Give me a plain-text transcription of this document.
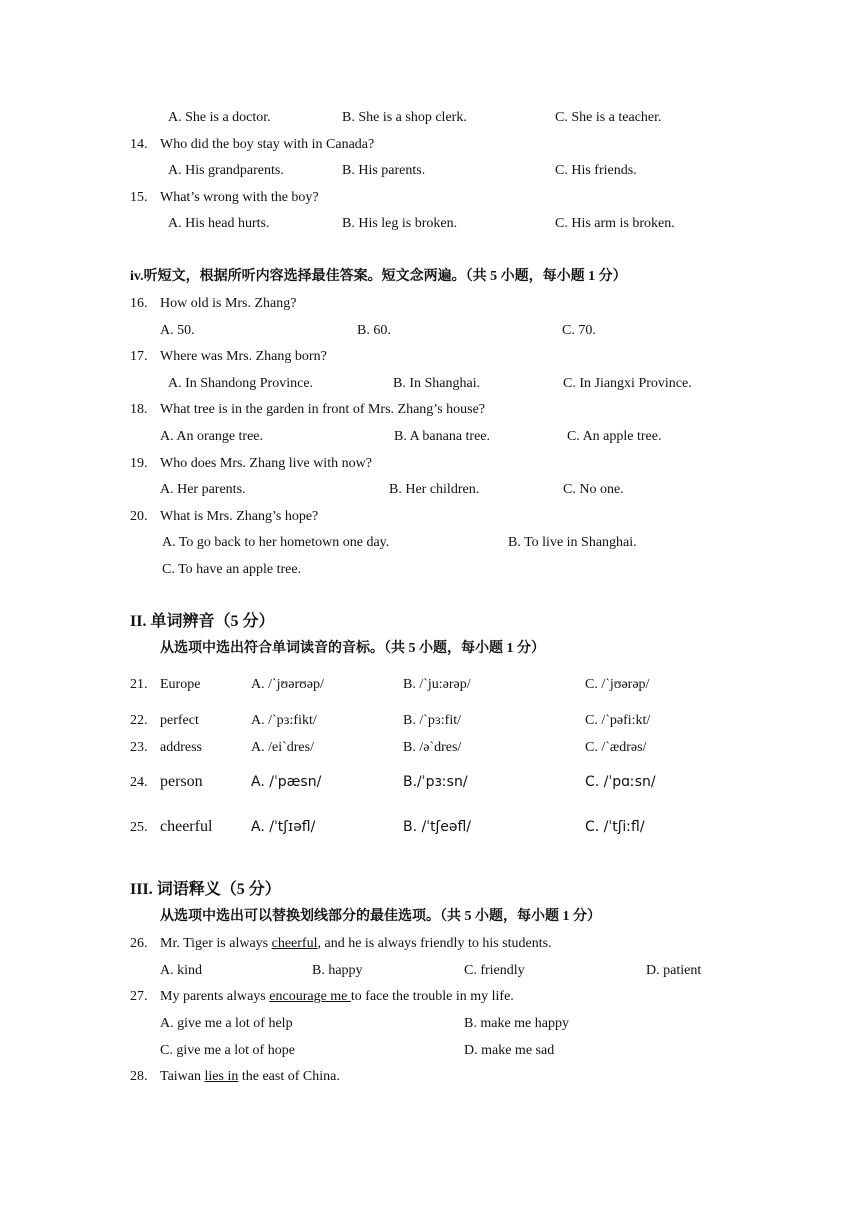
A. She is a doctor.	B. She is a shop clerk.	C. She is a teacher.
14. Who did the boy stay with in Canada?
A. His grandparents.	B. His parents.	C. His friends.
15. What’s wrong with the boy?
A. His head hurts.	B. His leg is broken.	C. His arm is broken.
iv.听短文，根据所听内容选择最佳答案。短文念两遍。（共 5 小题，每小题 1 分）
16. How old is Mrs. Zhang?
A. 50.	B. 60.	C. 70.
17. Where was Mrs. Zhang born?
A. In Shandong Province.	B. In Shanghai.	C. In Jiangxi Province.
18. What tree is in the garden in front of Mrs. Zhang’s house?
A. An orange tree.	B. A banana tree.	C. An apple tree.
19. Who does Mrs. Zhang live with now?
A. Her parents.	B. Her children.	C. No one.
20. What is Mrs. Zhang’s hope?
A. To go back to her hometown one day.	B. To live in Shanghai.
C. To have an apple tree.
II. 单词辨音（5 分）
从选项中选出符合单词读音的音标。（共 5 小题，每小题 1 分）
21. Europe	A. /ˋjʊərʊəp/	B. /ˋju:ərəp/	C. /ˋjʊərəp/
22. perfect	A. /ˋpɜ:fikt/	B. /ˋpɜ:fit/	C. /ˋpəfi:kt/
23. address	A. /eiˋdres/	B. /əˋdres/	C. /ˋædrəs/
24. person	A. /ˈpæsn/	B./ˈpɜːsn/	C. /ˈpɑːsn/
25. cheerful	A. /ˈtʃɪəfl/	B. /ˈtʃeəfl/	C. /ˈtʃiːfl/
III. 词语释义（5 分）
从选项中选出可以替换划线部分的最佳选项。（共 5 小题，每小题 1 分）
26. Mr. Tiger is always cheerful, and he is always friendly to his students.
A. kind	B. happy	C. friendly	D. patient
27. My parents always encourage me to face the trouble in my life.
A. give me a lot of help	B. make me happy
C. give me a lot of hope	D. make me sad
28. Taiwan lies in the east of China.
